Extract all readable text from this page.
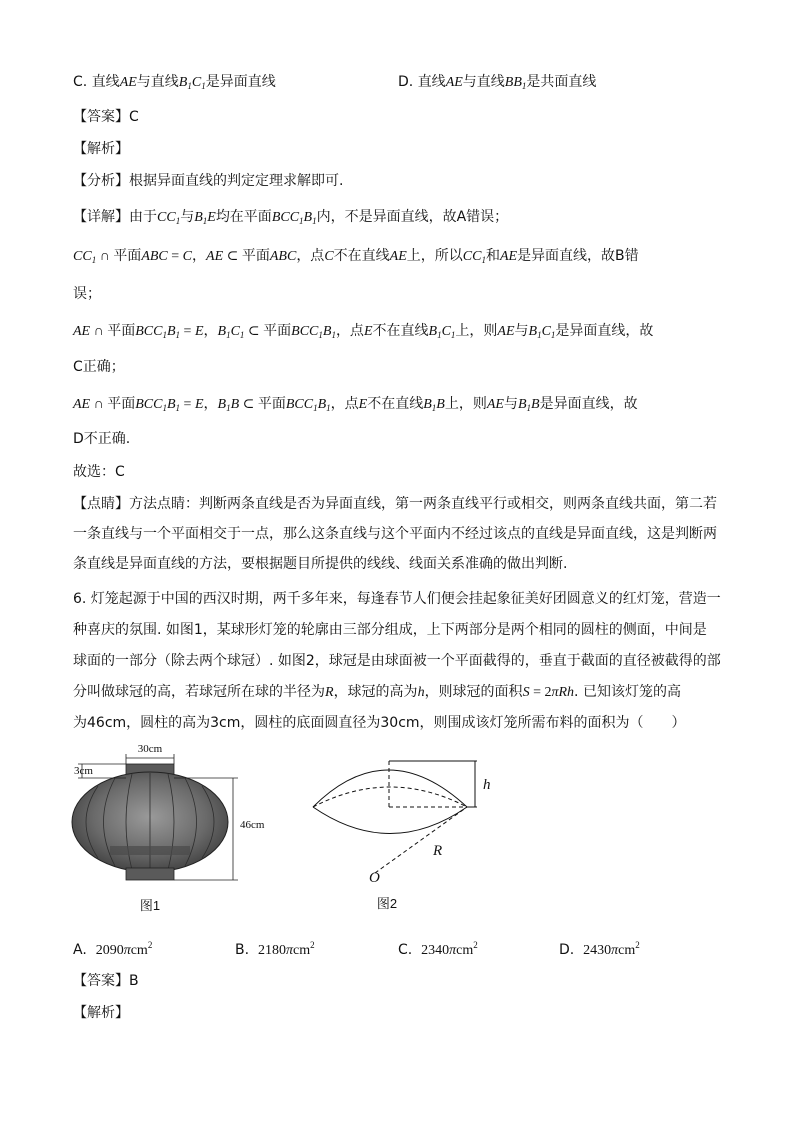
C. 直线AE与直线$B_1C_1$是异面直线	D. 直线AE与直线$BB_1$是共面直线
【答案】C
【解析】
【分析】根据异面直线的判定定理求解即可.
【详解】由于$CC_1$与$B_1E$均在平面$BCC_1B_1$内，不是异面直线，故A错误；
$CC_1$ ∩ 平面ABC = C，AE ⊂ 平面ABC，点C不在直线AE上，所以$CC_1$和AE是异面直线，故B错
误；
AE ∩ 平面$BCC_1B_1 = E$，$B_1C_1$ ⊂ 平面$BCC_1B_1$，点E不在直线$B_1C_1$上，则AE与$B_1C_1$是异面直线，故
C正确；
AE ∩ 平面$BCC_1B_1 = E$，$B_1B$ ⊂ 平面$BCC_1B_1$，点E不在直线$B_1B$上，则AE与$B_1B$是异面直线，故
D不正确.
故选：C
【点睛】方法点睛：判断两条直线是否为异面直线，第一两条直线平行或相交，则两条直线共面，第二若
一条直线与一个平面相交于一点，那么这条直线与这个平面内不经过该点的直线是异面直线，这是判断两
条直线是异面直线的方法，要根据题目所提供的线线、线面关系准确的做出判断.
6. 灯笼起源于中国的西汉时期，两千多年来，每逢春节人们便会挂起象征美好团圆意义的红灯笼，营造一
种喜庆的氛围. 如图1，某球形灯笼的轮廓由三部分组成，上下两部分是两个相同的圆柱的侧面，中间是
球面的一部分（除去两个球冠）. 如图2，球冠是由球面被一个平面截得的，垂直于截面的直径被截得的部
分叫做球冠的高，若球冠所在球的半径为R，球冠的高为h，则球冠的面积S = 2πRh. 已知该灯笼的高
为46cm，圆柱的高为3cm，圆柱的底面圆直径为30cm，则围成该灯笼所需布料的面积为（　　）
30cm
3cm
46cm
图1
h
R
O
图2
A. 2090πcm$^2$	B. 2180πcm$^2$	C. 2340πcm$^2$	D. 2430πcm$^2$
【答案】B
【解析】
